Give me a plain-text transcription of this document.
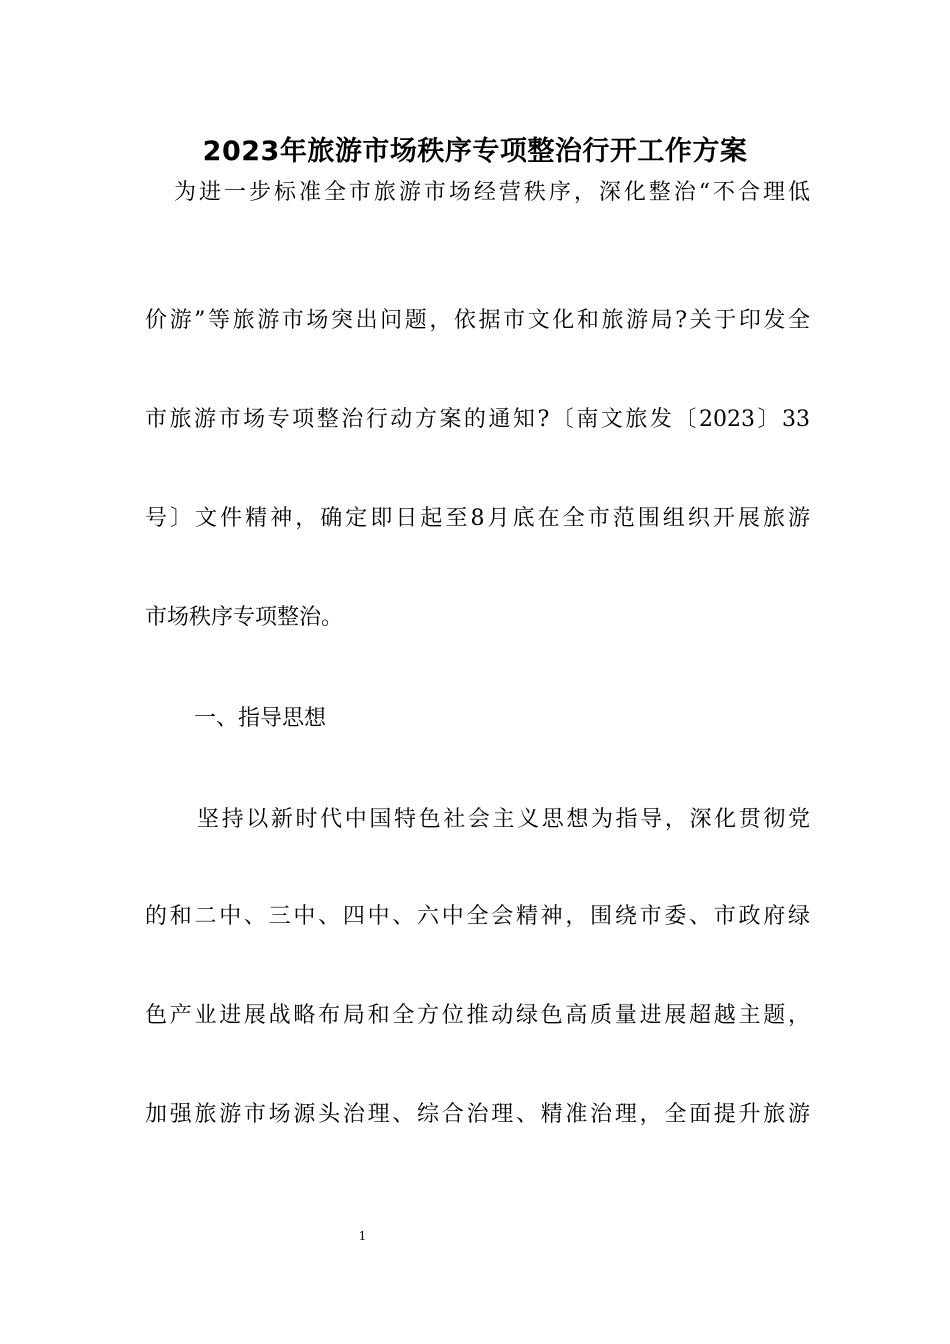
2023年旅游市场秩序专项整治行开工作方案
为进一步标准全市旅游市场经营秩序，深化整治“不合理低
价游”等旅游市场突出问题，依据市文化和旅游局?关于印发全
市旅游市场专项整治行动方案的通知?〔南文旅发〔2023〕33
号〕文件精神，确定即日起至8月底在全市范围组织开展旅游
市场秩序专项整治。
一、指导思想
坚持以新时代中国特色社会主义思想为指导，深化贯彻党
的和二中、三中、四中、六中全会精神，围绕市委、市政府绿
色产业进展战略布局和全方位推动绿色高质量进展超越主题，
加强旅游市场源头治理、综合治理、精准治理，全面提升旅游
1
